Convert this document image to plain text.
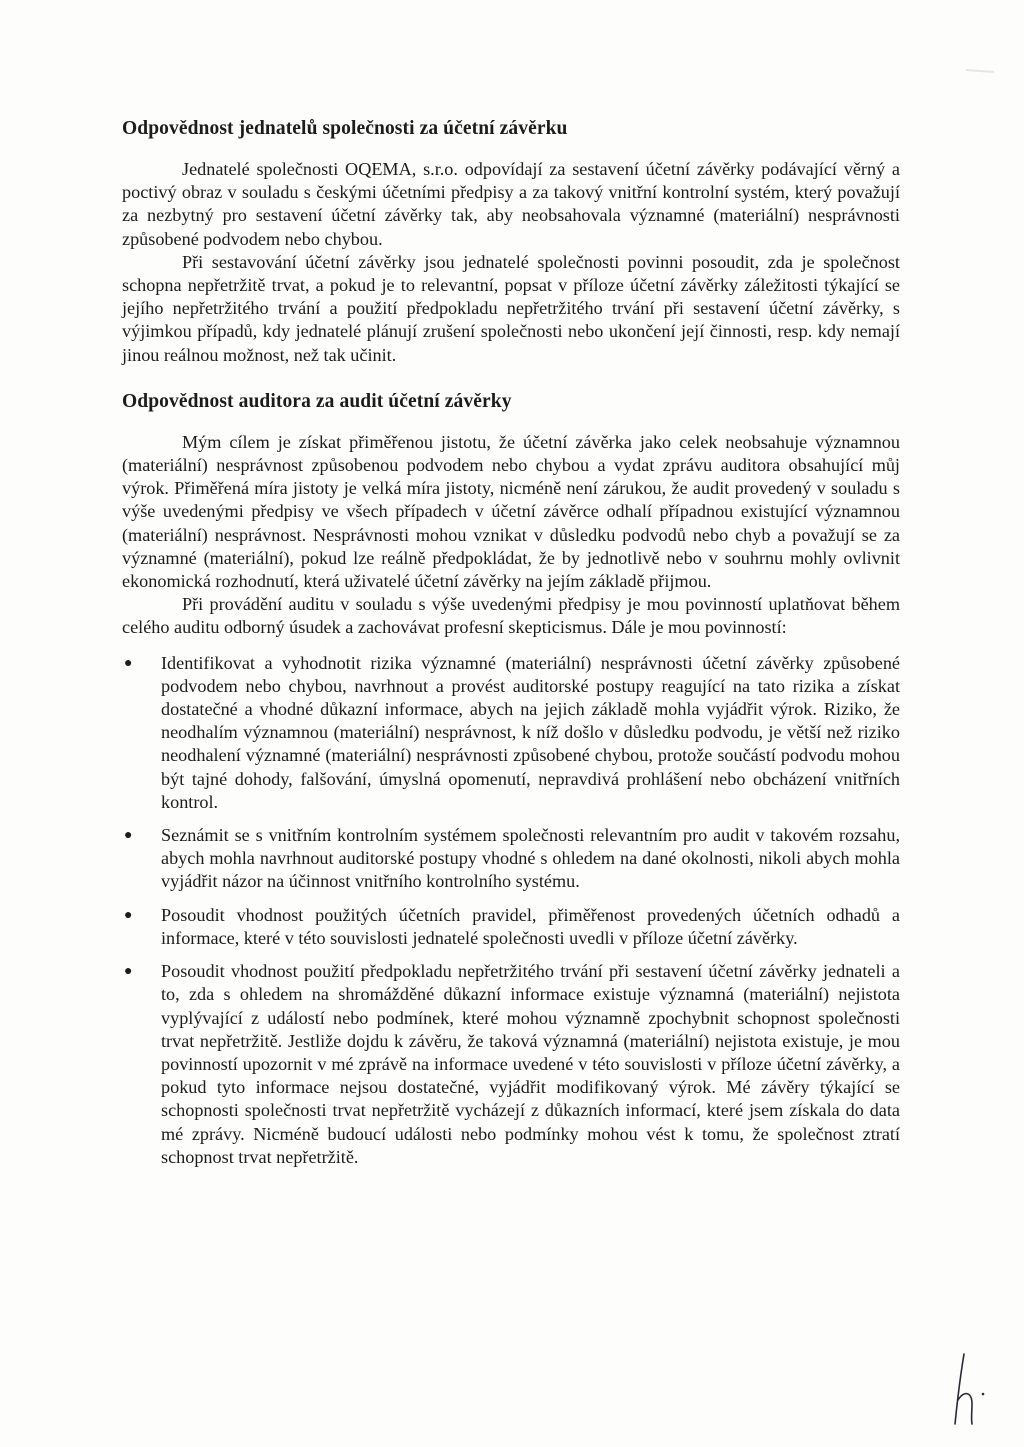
Odpovědnost jednatelů společnosti za účetní závěrku

Jednatelé společnosti OQEMA, s.r.o. odpovídají za sestavení účetní závěrky podávající věrný a poctivý obraz v souladu s českými účetními předpisy a za takový vnitřní kontrolní systém, který považují za nezbytný pro sestavení účetní závěrky tak, aby neobsahovala významné (materiální) nesprávnosti způsobené podvodem nebo chybou.

Při sestavování účetní závěrky jsou jednatelé společnosti povinni posoudit, zda je společnost schopna nepřetržitě trvat, a pokud je to relevantní, popsat v příloze účetní závěrky záležitosti týkající se jejího nepřetržitého trvání a použití předpokladu nepřetržitého trvání při sestavení účetní závěrky, s výjimkou případů, kdy jednatelé plánují zrušení společnosti nebo ukončení její činnosti, resp. kdy nemají jinou reálnou možnost, než tak učinit.

Odpovědnost auditora za audit účetní závěrky

Mým cílem je získat přiměřenou jistotu, že účetní závěrka jako celek neobsahuje významnou (materiální) nesprávnost způsobenou podvodem nebo chybou a vydat zprávu auditora obsahující můj výrok. Přiměřená míra jistoty je velká míra jistoty, nicméně není zárukou, že audit provedený v souladu s výše uvedenými předpisy ve všech případech v účetní závěrce odhalí případnou existující významnou (materiální) nesprávnost. Nesprávnosti mohou vznikat v důsledku podvodů nebo chyb a považují se za významné (materiální), pokud lze reálně předpokládat, že by jednotlivě nebo v souhrnu mohly ovlivnit ekonomická rozhodnutí, která uživatelé účetní závěrky na jejím základě přijmou.

Při provádění auditu v souladu s výše uvedenými předpisy je mou povinností uplatňovat během celého auditu odborný úsudek a zachovávat profesní skepticismus. Dále je mou povinností:

● Identifikovat a vyhodnotit rizika významné (materiální) nesprávnosti účetní závěrky způsobené podvodem nebo chybou, navrhnout a provést auditorské postupy reagující na tato rizika a získat dostatečné a vhodné důkazní informace, abych na jejich základě mohla vyjádřit výrok. Riziko, že neodhalím významnou (materiální) nesprávnost, k níž došlo v důsledku podvodu, je větší než riziko neodhalení významné (materiální) nesprávnosti způsobené chybou, protože součástí podvodu mohou být tajné dohody, falšování, úmyslná opomenutí, nepravdivá prohlášení nebo obcházení vnitřních kontrol.
● Seznámit se s vnitřním kontrolním systémem společnosti relevantním pro audit v takovém rozsahu, abych mohla navrhnout auditorské postupy vhodné s ohledem na dané okolnosti, nikoli abych mohla vyjádřit názor na účinnost vnitřního kontrolního systému.
● Posoudit vhodnost použitých účetních pravidel, přiměřenost provedených účetních odhadů a informace, které v této souvislosti jednatelé společnosti uvedli v příloze účetní závěrky.
● Posoudit vhodnost použití předpokladu nepřetržitého trvání při sestavení účetní závěrky jednateli a to, zda s ohledem na shromážděné důkazní informace existuje významná (materiální) nejistota vyplývající z událostí nebo podmínek, které mohou významně zpochybnit schopnost společnosti trvat nepřetržitě. Jestliže dojdu k závěru, že taková významná (materiální) nejistota existuje, je mou povinností upozornit v mé zprávě na informace uvedené v této souvislosti v příloze účetní závěrky, a pokud tyto informace nejsou dostatečné, vyjádřit modifikovaný výrok. Mé závěry týkající se schopnosti společnosti trvat nepřetržitě vycházejí z důkazních informací, které jsem získala do data mé zprávy. Nicméně budoucí události nebo podmínky mohou vést k tomu, že společnost ztratí schopnost trvat nepřetržitě.
